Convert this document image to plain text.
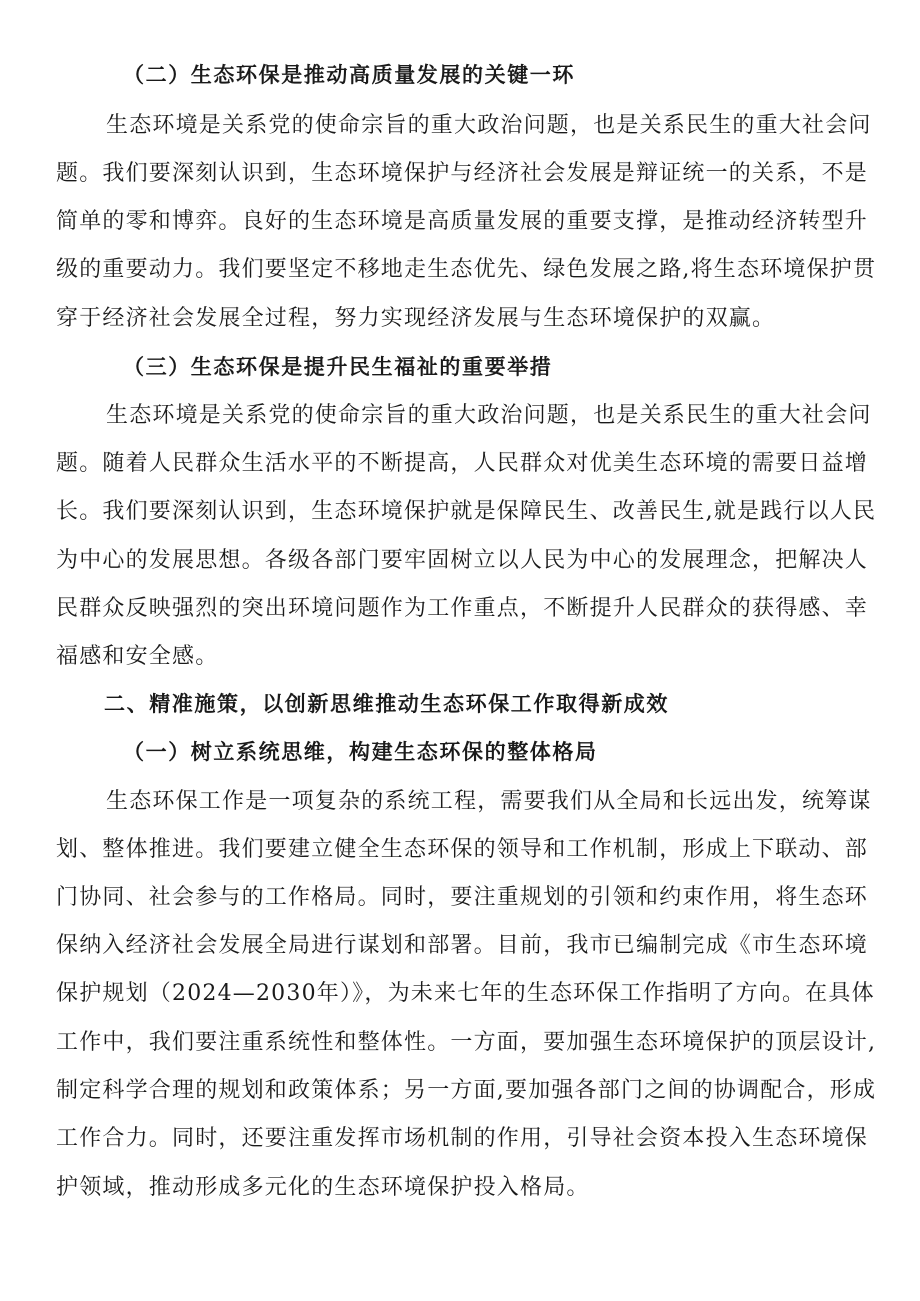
（二）生态环保是推动高质量发展的关键一环
生态环境是关系党的使命宗旨的重大政治问题，也是关系民生的重大社会问
题。我们要深刻认识到，生态环境保护与经济社会发展是辩证统一的关系，不是
简单的零和博弈。良好的生态环境是高质量发展的重要支撑，是推动经济转型升
级的重要动力。我们要坚定不移地走生态优先、绿色发展之路,将生态环境保护贯
穿于经济社会发展全过程，努力实现经济发展与生态环境保护的双赢。
（三）生态环保是提升民生福祉的重要举措
生态环境是关系党的使命宗旨的重大政治问题，也是关系民生的重大社会问
题。随着人民群众生活水平的不断提高，人民群众对优美生态环境的需要日益增
长。我们要深刻认识到，生态环境保护就是保障民生、改善民生,就是践行以人民
为中心的发展思想。各级各部门要牢固树立以人民为中心的发展理念，把解决人
民群众反映强烈的突出环境问题作为工作重点，不断提升人民群众的获得感、幸
福感和安全感。
二、精准施策，以创新思维推动生态环保工作取得新成效
（一）树立系统思维，构建生态环保的整体格局
生态环保工作是一项复杂的系统工程，需要我们从全局和长远出发，统筹谋
划、整体推进。我们要建立健全生态环保的领导和工作机制，形成上下联动、部
门协同、社会参与的工作格局。同时，要注重规划的引领和约束作用，将生态环
保纳入经济社会发展全局进行谋划和部署。目前，我市已编制完成《市生态环境
保护规划（2024—2030年）》，为未来七年的生态环保工作指明了方向。在具体
工作中，我们要注重系统性和整体性。一方面，要加强生态环境保护的顶层设计,
制定科学合理的规划和政策体系；另一方面,要加强各部门之间的协调配合，形成
工作合力。同时，还要注重发挥市场机制的作用，引导社会资本投入生态环境保
护领域，推动形成多元化的生态环境保护投入格局。
